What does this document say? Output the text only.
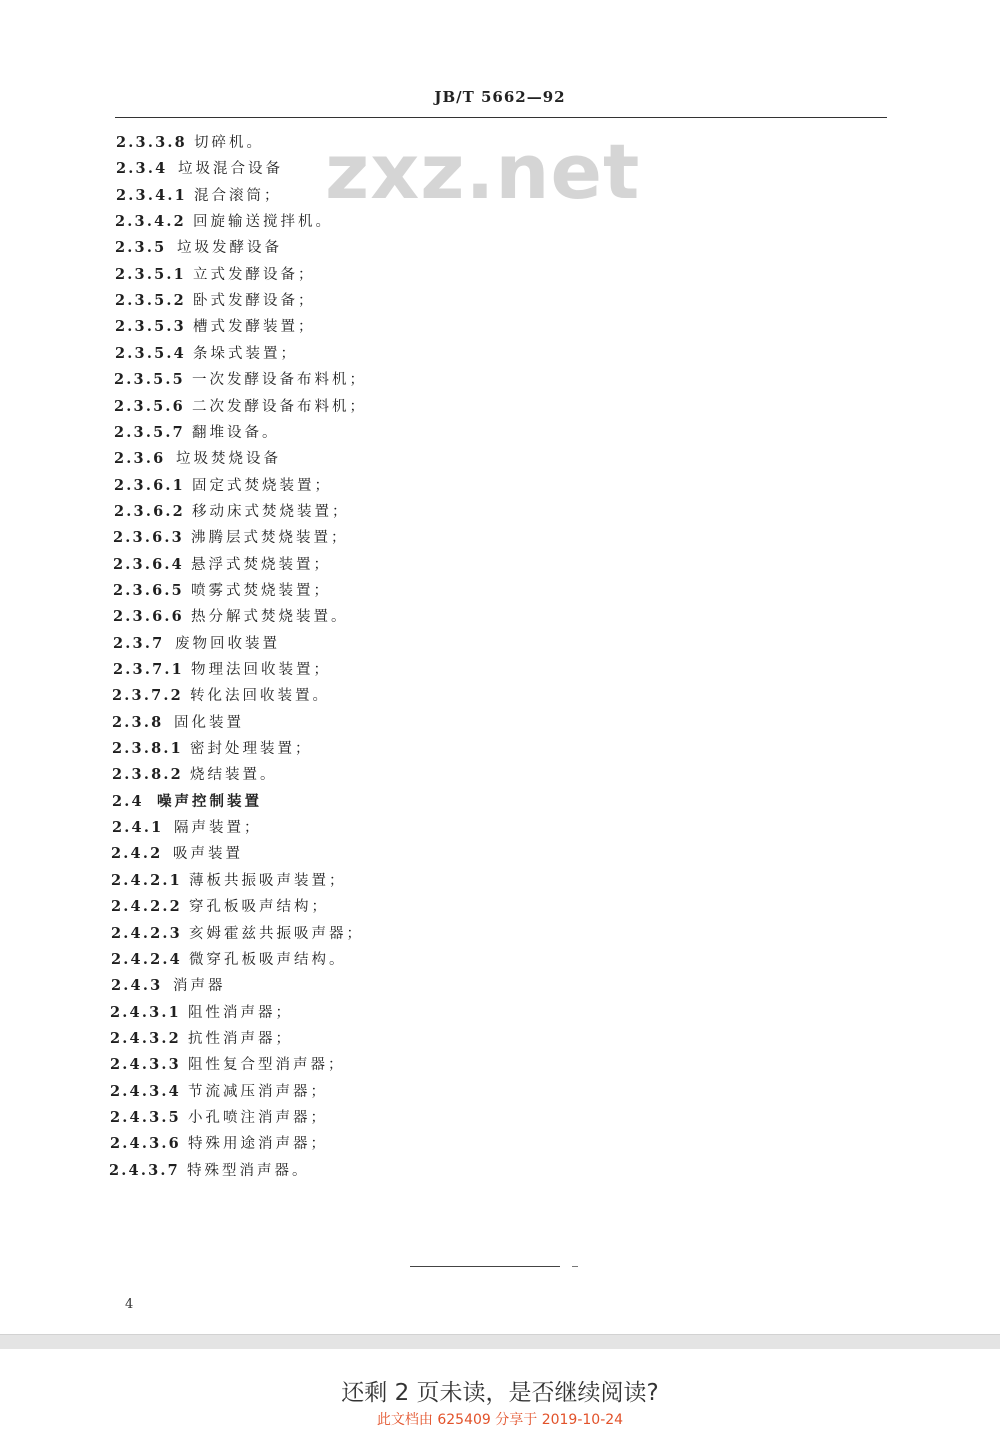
JB/T 5662—92
zxz.net
2.3.3.8 切碎机。
2.3.4 垃圾混合设备
2.3.4.1 混合滚筒；
2.3.4.2 回旋输送搅拌机。
2.3.5 垃圾发酵设备
2.3.5.1 立式发酵设备；
2.3.5.2 卧式发酵设备；
2.3.5.3 槽式发酵装置；
2.3.5.4 条垛式装置；
2.3.5.5 一次发酵设备布料机；
2.3.5.6 二次发酵设备布料机；
2.3.5.7 翻堆设备。
2.3.6 垃圾焚烧设备
2.3.6.1 固定式焚烧装置；
2.3.6.2 移动床式焚烧装置；
2.3.6.3 沸腾层式焚烧装置；
2.3.6.4 悬浮式焚烧装置；
2.3.6.5 喷雾式焚烧装置；
2.3.6.6 热分解式焚烧装置。
2.3.7 废物回收装置
2.3.7.1 物理法回收装置；
2.3.7.2 转化法回收装置。
2.3.8 固化装置
2.3.8.1 密封处理装置；
2.3.8.2 烧结装置。
2.4 噪声控制装置
2.4.1 隔声装置；
2.4.2 吸声装置
2.4.2.1 薄板共振吸声装置；
2.4.2.2 穿孔板吸声结构；
2.4.2.3 亥姆霍兹共振吸声器；
2.4.2.4 微穿孔板吸声结构。
2.4.3 消声器
2.4.3.1 阻性消声器；
2.4.3.2 抗性消声器；
2.4.3.3 阻性复合型消声器；
2.4.3.4 节流减压消声器；
2.4.3.5 小孔喷注消声器；
2.4.3.6 特殊用途消声器；
2.4.3.7 特殊型消声器。
4
还剩 2 页未读，是否继续阅读?
此文档由 625409 分享于 2019-10-24
